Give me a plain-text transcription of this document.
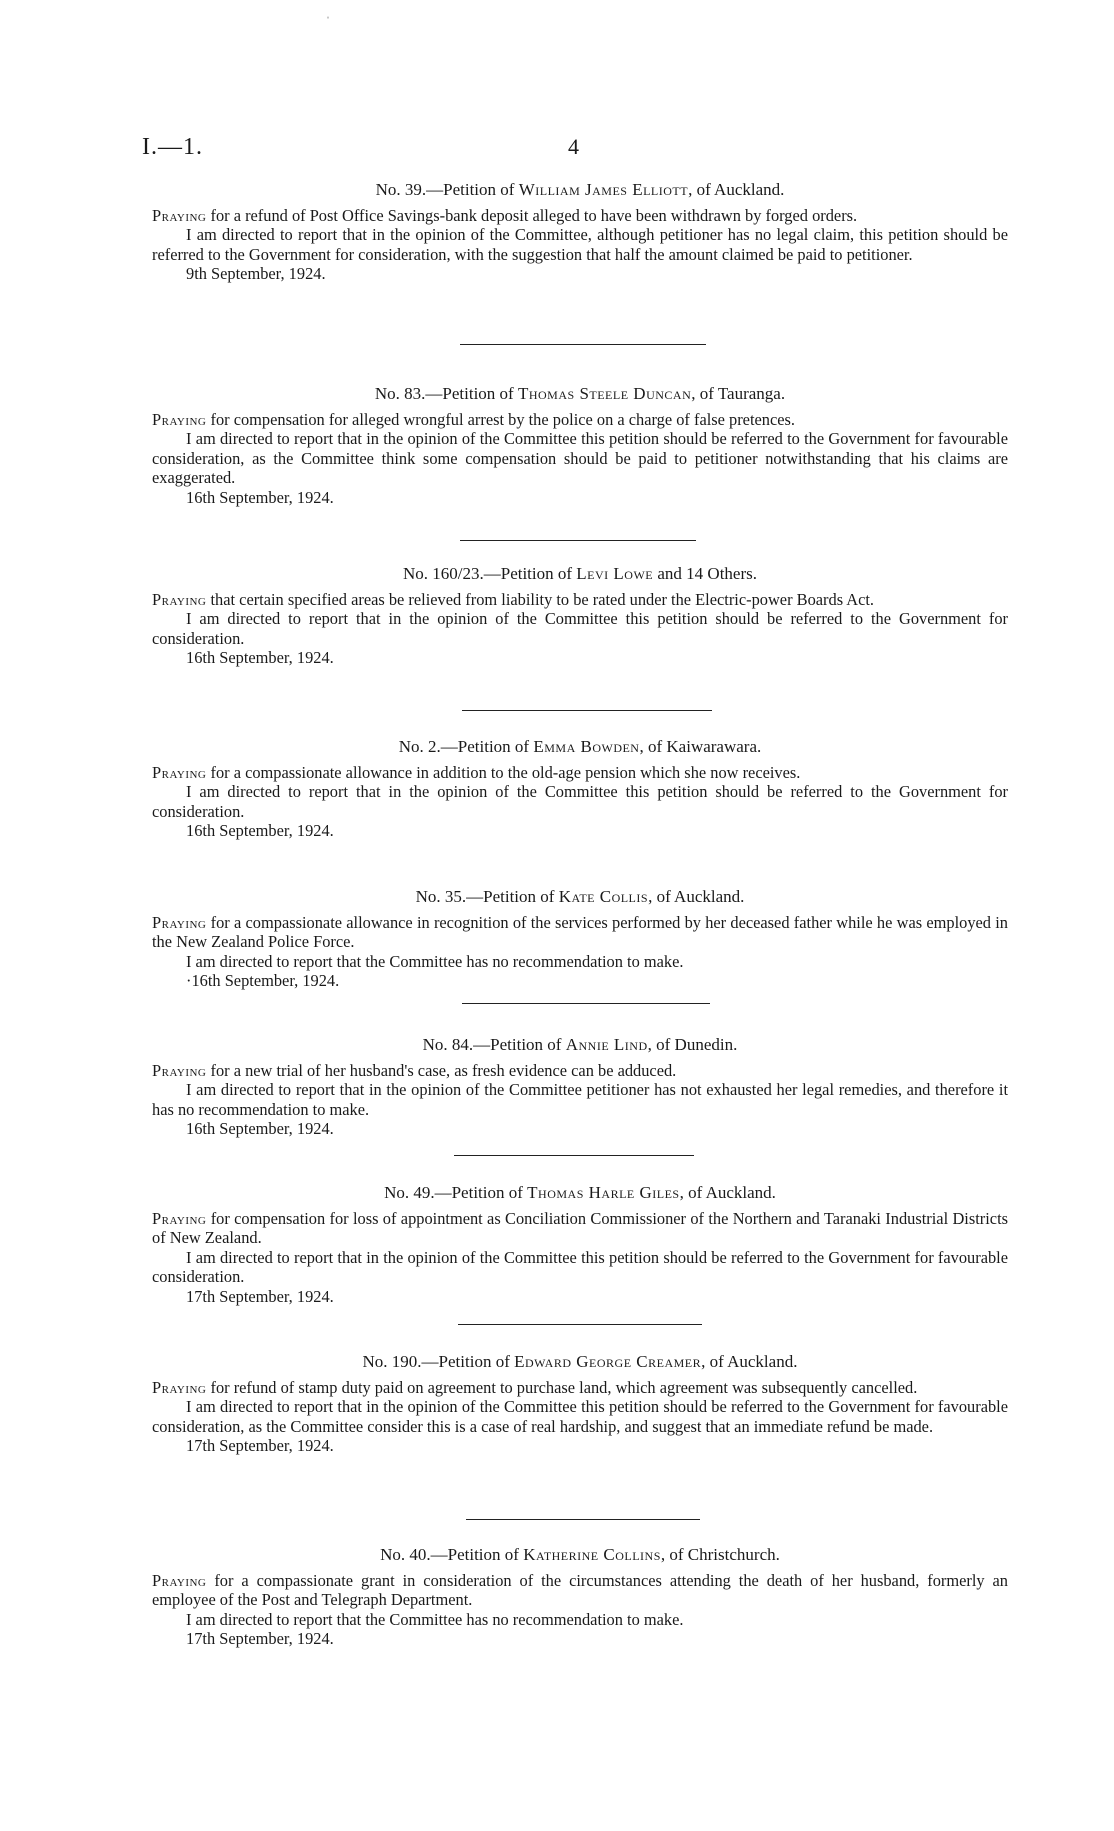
ˈ
I.—1.	4

No. 39.—Petition of William James Elliott, of Auckland.

Praying for a refund of Post Office Savings-bank deposit alleged to have been withdrawn by forged orders.

I am directed to report that in the opinion of the Committee, although petitioner has no legal claim, this petition should be referred to the Government for consideration, with the suggestion that half the amount claimed be paid to petitioner.

9th September, 1924.

No. 83.—Petition of Thomas Steele Duncan, of Tauranga.

Praying for compensation for alleged wrongful arrest by the police on a charge of false pretences.

I am directed to report that in the opinion of the Committee this petition should be referred to the Government for favourable consideration, as the Committee think some compensation should be paid to petitioner notwithstanding that his claims are exaggerated.

16th September, 1924.

No. 160/23.—Petition of Levi Lowe and 14 Others.

Praying that certain specified areas be relieved from liability to be rated under the Electric-power Boards Act.

I am directed to report that in the opinion of the Committee this petition should be referred to the Government for consideration.

16th September, 1924.

No. 2.—Petition of Emma Bowden, of Kaiwarawara.

Praying for a compassionate allowance in addition to the old-age pension which she now receives.

I am directed to report that in the opinion of the Committee this petition should be referred to the Government for consideration.

16th September, 1924.

No. 35.—Petition of Kate Collis, of Auckland.

Praying for a compassionate allowance in recognition of the services performed by her deceased father while he was employed in the New Zealand Police Force.

I am directed to report that the Committee has no recommendation to make.

·16th September, 1924.

No. 84.—Petition of Annie Lind, of Dunedin.

Praying for a new trial of her husband's case, as fresh evidence can be adduced.

I am directed to report that in the opinion of the Committee petitioner has not exhausted her legal remedies, and therefore it has no recommendation to make.

16th September, 1924.

No. 49.—Petition of Thomas Harle Giles, of Auckland.

Praying for compensation for loss of appointment as Conciliation Commissioner of the Northern and Taranaki Industrial Districts of New Zealand.

I am directed to report that in the opinion of the Committee this petition should be referred to the Government for favourable consideration.

17th September, 1924.

No. 190.—Petition of Edward George Creamer, of Auckland.

Praying for refund of stamp duty paid on agreement to purchase land, which agreement was subsequently cancelled.

I am directed to report that in the opinion of the Committee this petition should be referred to the Government for favourable consideration, as the Committee consider this is a case of real hardship, and suggest that an immediate refund be made.

17th September, 1924.

No. 40.—Petition of Katherine Collins, of Christchurch.

Praying for a compassionate grant in consideration of the circumstances attending the death of her husband, formerly an employee of the Post and Telegraph Department.

I am directed to report that the Committee has no recommendation to make.

17th September, 1924.
